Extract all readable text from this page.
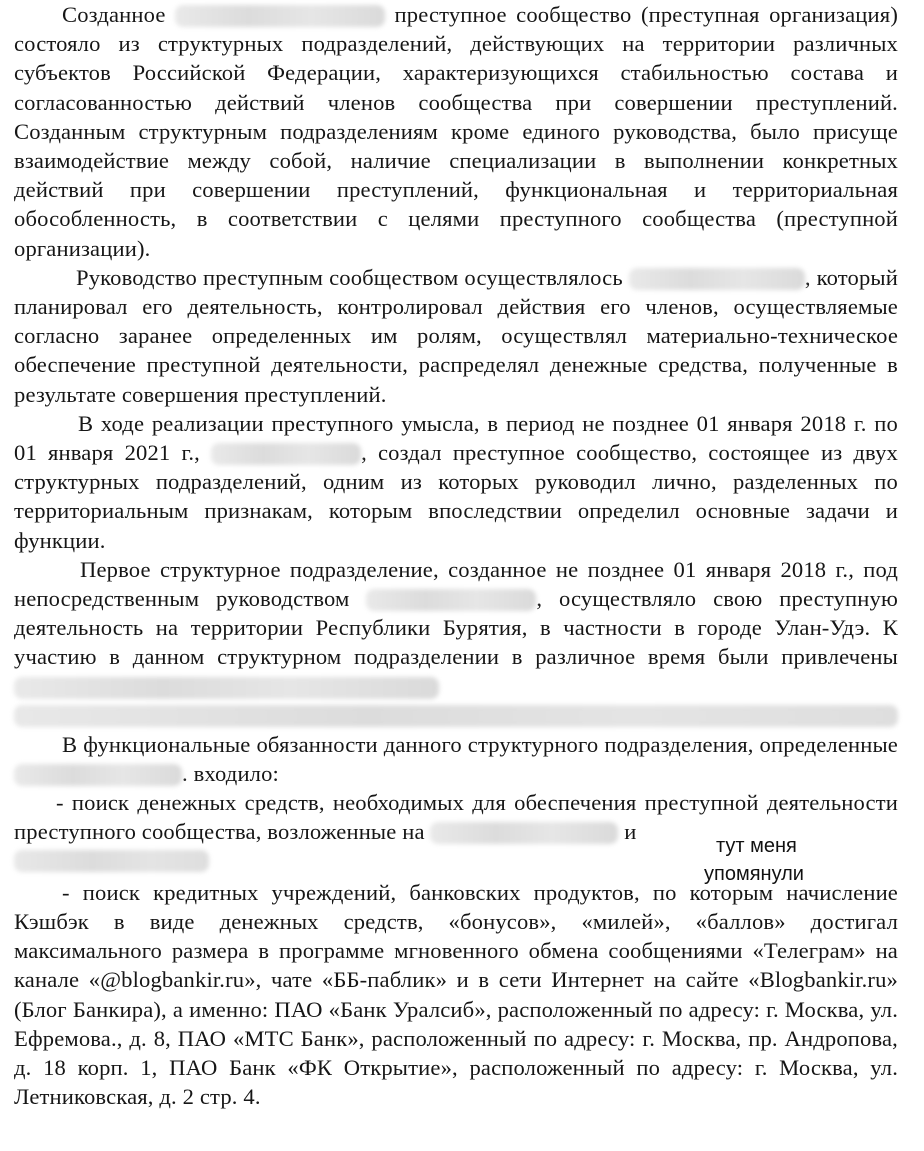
Созданное	преступное сообщество (преступная организация) состояло из структурных подразделений, действующих на территории различных субъектов Российской Федерации, характеризующихся стабильностью состава и согласованностью действий членов сообщества при совершении преступлений. Созданным структурным подразделениям кроме единого руководства, было присуще взаимодействие между собой, наличие специализации в выполнении конкретных действий при совершении преступлений, функциональная и территориальная обособленность, в соответствии с целями преступного сообщества (преступной организации).

Руководство преступным сообществом осуществлялось	, который планировал его деятельность, контролировал действия его членов, осуществляемые согласно заранее определенных им ролям, осуществлял материально-техническое обеспечение преступной деятельности, распределял денежные средства, полученные в результате совершения преступлений.

В ходе реализации преступного умысла, в период не позднее 01 января 2018 г. по 01 января 2021 г.,	, создал преступное сообщество, состоящее из двух структурных подразделений, одним из которых руководил лично, разделенных по территориальным признакам, которым впоследствии определил основные задачи и функции.

Первое структурное подразделение, созданное не позднее 01 января 2018 г., под непосредственным руководством	, осуществляло свою преступную деятельность на территории Республики Бурятия, в частности в городе Улан-Удэ. К участию в данном структурном подразделении в различное время были привлечены

В функциональные обязанности данного структурного подразделения, определенные . входило:

- поиск денежных средств, необходимых для обеспечения преступной деятельности преступного сообщества, возложенные на	и

- поиск кредитных учреждений, банковских продуктов, по которым начисление Кэшбэк в виде денежных средств, «бонусов», «милей», «баллов» достигал максимального размера в программе мгновенного обмена сообщениями «Телеграм» на канале «@blogbankir.ru», чате «ББ-паблик» и в сети Интернет на сайте «Blogbankir.ru» (Блог Банкира), а именно: ПАО «Банк Уралсиб», расположенный по адресу: г. Москва, ул. Ефремова., д. 8, ПАО «МТС Банк», расположенный по адресу: г. Москва, пр. Андропова, д. 18 корп. 1, ПАО Банк «ФК Открытие», расположенный по адресу: г. Москва, ул. Летниковская, д. 2 стр. 4.

тут меня
упомянули
